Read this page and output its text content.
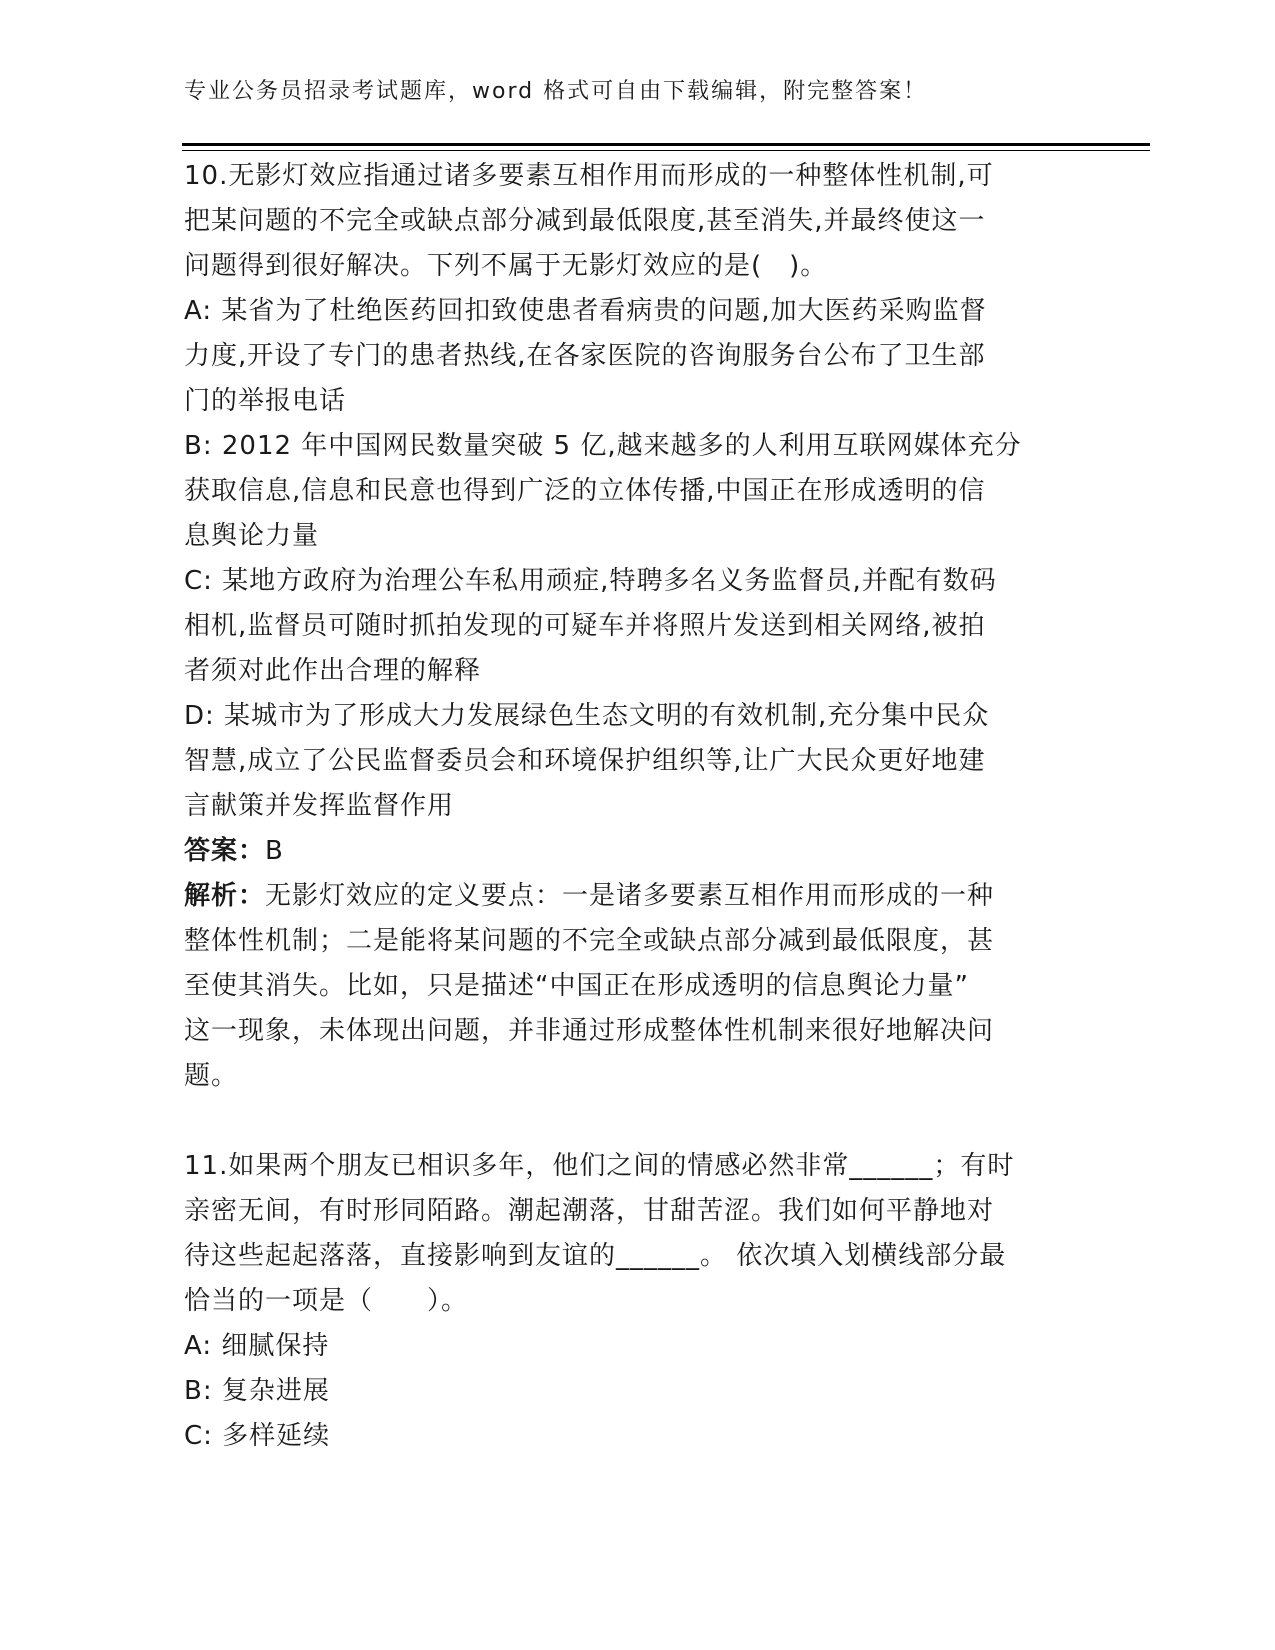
专业公务员招录考试题库，word 格式可自由下载编辑，附完整答案！

10.无影灯效应指通过诸多要素互相作用而形成的一种整体性机制,可

把某问题的不完全或缺点部分减到最低限度,甚至消失,并最终使这一

问题得到很好解决。下列不属于无影灯效应的是(　)。

A: 某省为了杜绝医药回扣致使患者看病贵的问题,加大医药采购监督

力度,开设了专门的患者热线,在各家医院的咨询服务台公布了卫生部

门的举报电话

B: 2012 年中国网民数量突破 5 亿,越来越多的人利用互联网媒体充分

获取信息,信息和民意也得到广泛的立体传播,中国正在形成透明的信

息舆论力量

C: 某地方政府为治理公车私用顽症,特聘多名义务监督员,并配有数码

相机,监督员可随时抓拍发现的可疑车并将照片发送到相关网络,被拍

者须对此作出合理的解释

D: 某城市为了形成大力发展绿色生态文明的有效机制,充分集中民众

智慧,成立了公民监督委员会和环境保护组织等,让广大民众更好地建

言献策并发挥监督作用

答案：B

解析：无影灯效应的定义要点：一是诸多要素互相作用而形成的一种

整体性机制；二是能将某问题的不完全或缺点部分减到最低限度，甚

至使其消失。比如，只是描述“中国正在形成透明的信息舆论力量”

这一现象，未体现出问题，并非通过形成整体性机制来很好地解决问

题。

11.如果两个朋友已相识多年，他们之间的情感必然非常______；有时

亲密无间，有时形同陌路。潮起潮落，甘甜苦涩。我们如何平静地对

待这些起起落落，直接影响到友谊的______。 依次填入划横线部分最

恰当的一项是（　　）。

A: 细腻保持

B: 复杂进展

C: 多样延续
